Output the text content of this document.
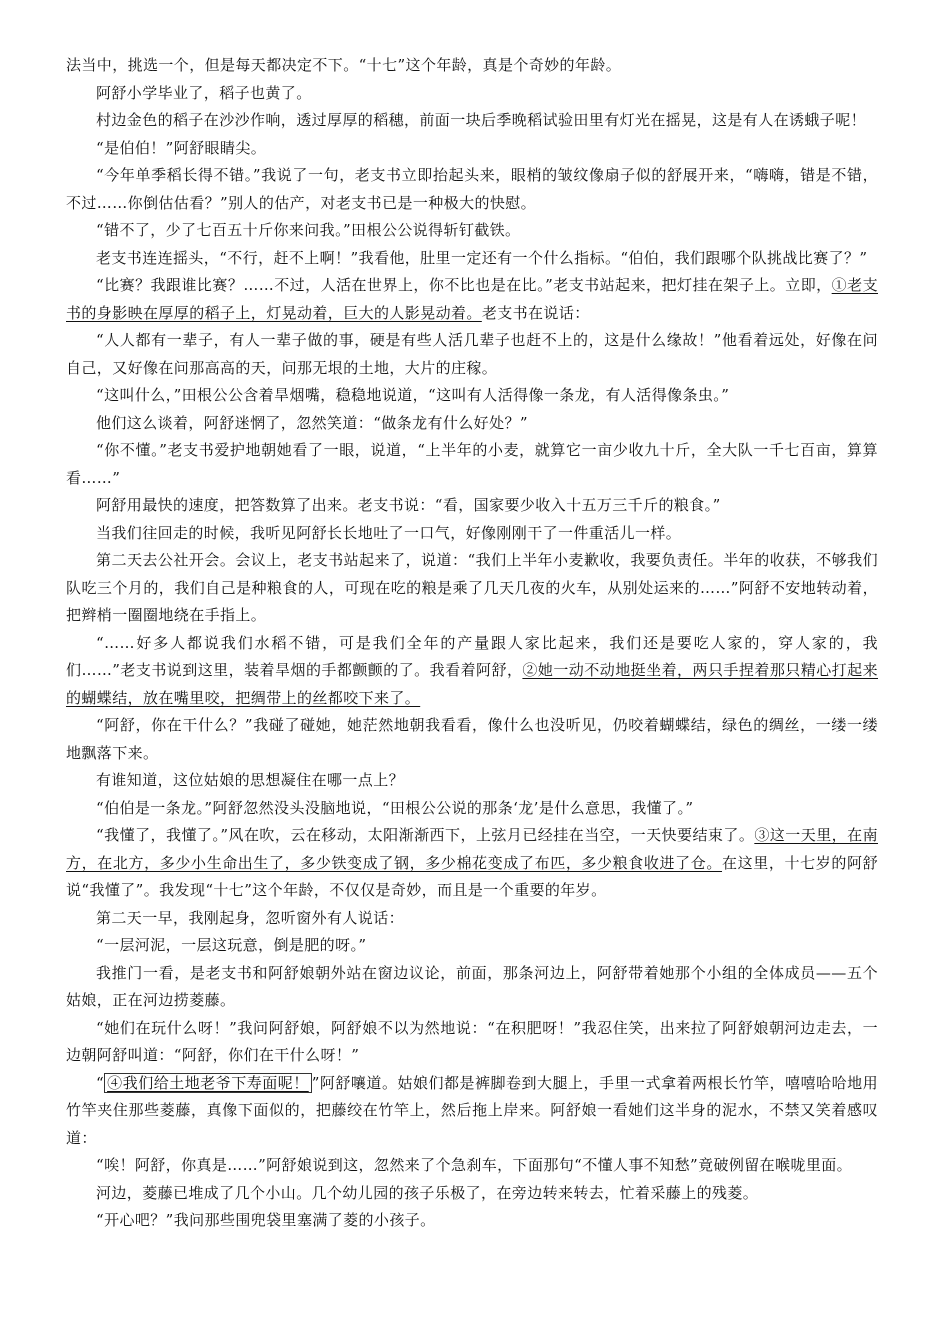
法当中，挑选一个，但是每天都决定不下。“十七”这个年龄，真是个奇妙的年龄。

阿舒小学毕业了，稻子也黄了。

村边金色的稻子在沙沙作响，透过厚厚的稻穗，前面一块后季晚稻试验田里有灯光在摇晃，这是有人在诱蛾子呢！

“是伯伯！”阿舒眼睛尖。

“今年单季稻长得不错。”我说了一句，老支书立即抬起头来，眼梢的皱纹像扇子似的舒展开来，“嗨嗨，错是不错，不过……你倒估估看？”别人的估产，对老支书已是一种极大的快慰。

“错不了，少了七百五十斤你来问我。”田根公公说得斩钉截铁。

老支书连连摇头，“不行，赶不上啊！”我看他，肚里一定还有一个什么指标。“伯伯，我们跟哪个队挑战比赛了？”

“比赛？我跟谁比赛？……不过，人活在世界上，你不比也是在比。”老支书站起来，把灯挂在架子上。立即，①老支书的身影映在厚厚的稻子上，灯晃动着，巨大的人影晃动着。老支书在说话：

“人人都有一辈子，有人一辈子做的事，硬是有些人活几辈子也赶不上的，这是什么缘故！”他看着远处，好像在问自己，又好像在问那高高的天，问那无垠的土地，大片的庄稼。

“这叫什么，”田根公公含着旱烟嘴，稳稳地说道，“这叫有人活得像一条龙，有人活得像条虫。”

他们这么谈着，阿舒迷惘了，忽然笑道：“做条龙有什么好处？”

“你不懂。”老支书爱护地朝她看了一眼，说道，“上半年的小麦，就算它一亩少收九十斤，全大队一千七百亩，算算看……”

阿舒用最快的速度，把答数算了出来。老支书说：“看，国家要少收入十五万三千斤的粮食。”

当我们往回走的时候，我听见阿舒长长地吐了一口气，好像刚刚干了一件重活儿一样。

第二天去公社开会。会议上，老支书站起来了，说道：“我们上半年小麦歉收，我要负责任。半年的收获，不够我们队吃三个月的，我们自己是种粮食的人，可现在吃的粮是乘了几天几夜的火车，从别处运来的……”阿舒不安地转动着，把辫梢一圈圈地绕在手指上。

“……好多人都说我们水稻不错，可是我们全年的产量跟人家比起来，我们还是要吃人家的，穿人家的，我们……”老支书说到这里，装着旱烟的手都颤颤的了。我看着阿舒，②她一动不动地挺坐着，两只手捏着那只精心打起来的蝴蝶结，放在嘴里咬，把绸带上的丝都咬下来了。

“阿舒，你在干什么？”我碰了碰她，她茫然地朝我看看，像什么也没听见，仍咬着蝴蝶结，绿色的绸丝，一缕一缕地飘落下来。

有谁知道，这位姑娘的思想凝住在哪一点上？

“伯伯是一条龙。”阿舒忽然没头没脑地说，“田根公公说的那条‘龙’是什么意思，我懂了。”

“我懂了，我懂了。”风在吹，云在移动，太阳渐渐西下，上弦月已经挂在当空，一天快要结束了。③这一天里，在南方，在北方，多少小生命出生了，多少铁变成了钢，多少棉花变成了布匹，多少粮食收进了仓。在这里，十七岁的阿舒说“我懂了”。我发现“十七”这个年龄，不仅仅是奇妙，而且是一个重要的年岁。

第二天一早，我刚起身，忽听窗外有人说话：

“一层河泥，一层这玩意，倒是肥的呀。”

我推门一看，是老支书和阿舒娘朝外站在窗边议论，前面，那条河边上，阿舒带着她那个小组的全体成员——五个姑娘，正在河边捞菱藤。

“她们在玩什么呀！”我问阿舒娘，阿舒娘不以为然地说：“在积肥呀！”我忍住笑，出来拉了阿舒娘朝河边走去，一边朝阿舒叫道：“阿舒，你们在干什么呀！”

“ ④我们给土地老爷下寿面呢！ ”阿舒嚷道。姑娘们都是裤脚卷到大腿上，手里一式拿着两根长竹竿，嘻嘻哈哈地用竹竿夹住那些菱藤，真像下面似的，把藤绞在竹竿上，然后拖上岸来。阿舒娘一看她们这半身的泥水，不禁又笑着感叹道：

“唉！阿舒，你真是……”阿舒娘说到这，忽然来了个急刹车，下面那句“不懂人事不知愁”竟破例留在喉咙里面。

河边，菱藤已堆成了几个小山。几个幼儿园的孩子乐极了，在旁边转来转去，忙着采藤上的残菱。

“开心吧？”我问那些围兜袋里塞满了菱的小孩子。
